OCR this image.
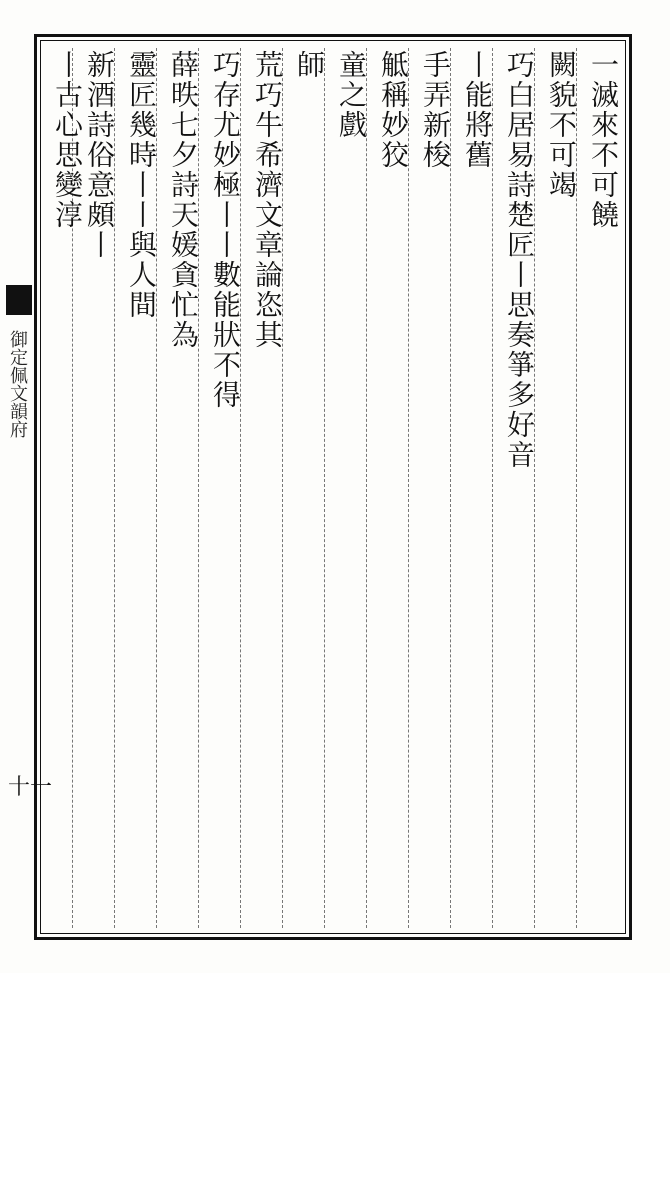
一滅來不可饒
闕貌不可竭
巧白居易詩楚匠丨思奏箏多好音
丨能將舊
手弄新梭
觝稱妙狡
童之戲
師
荒巧牛希濟文章論恣其
巧存尤妙極丨丨數能狀不得
薛昳七夕詩天媛貪忙為
靈匠幾時丨丨與人間
新酒詩俗意頗丨
丨古心思變淳
御定佩文韻府
十一
